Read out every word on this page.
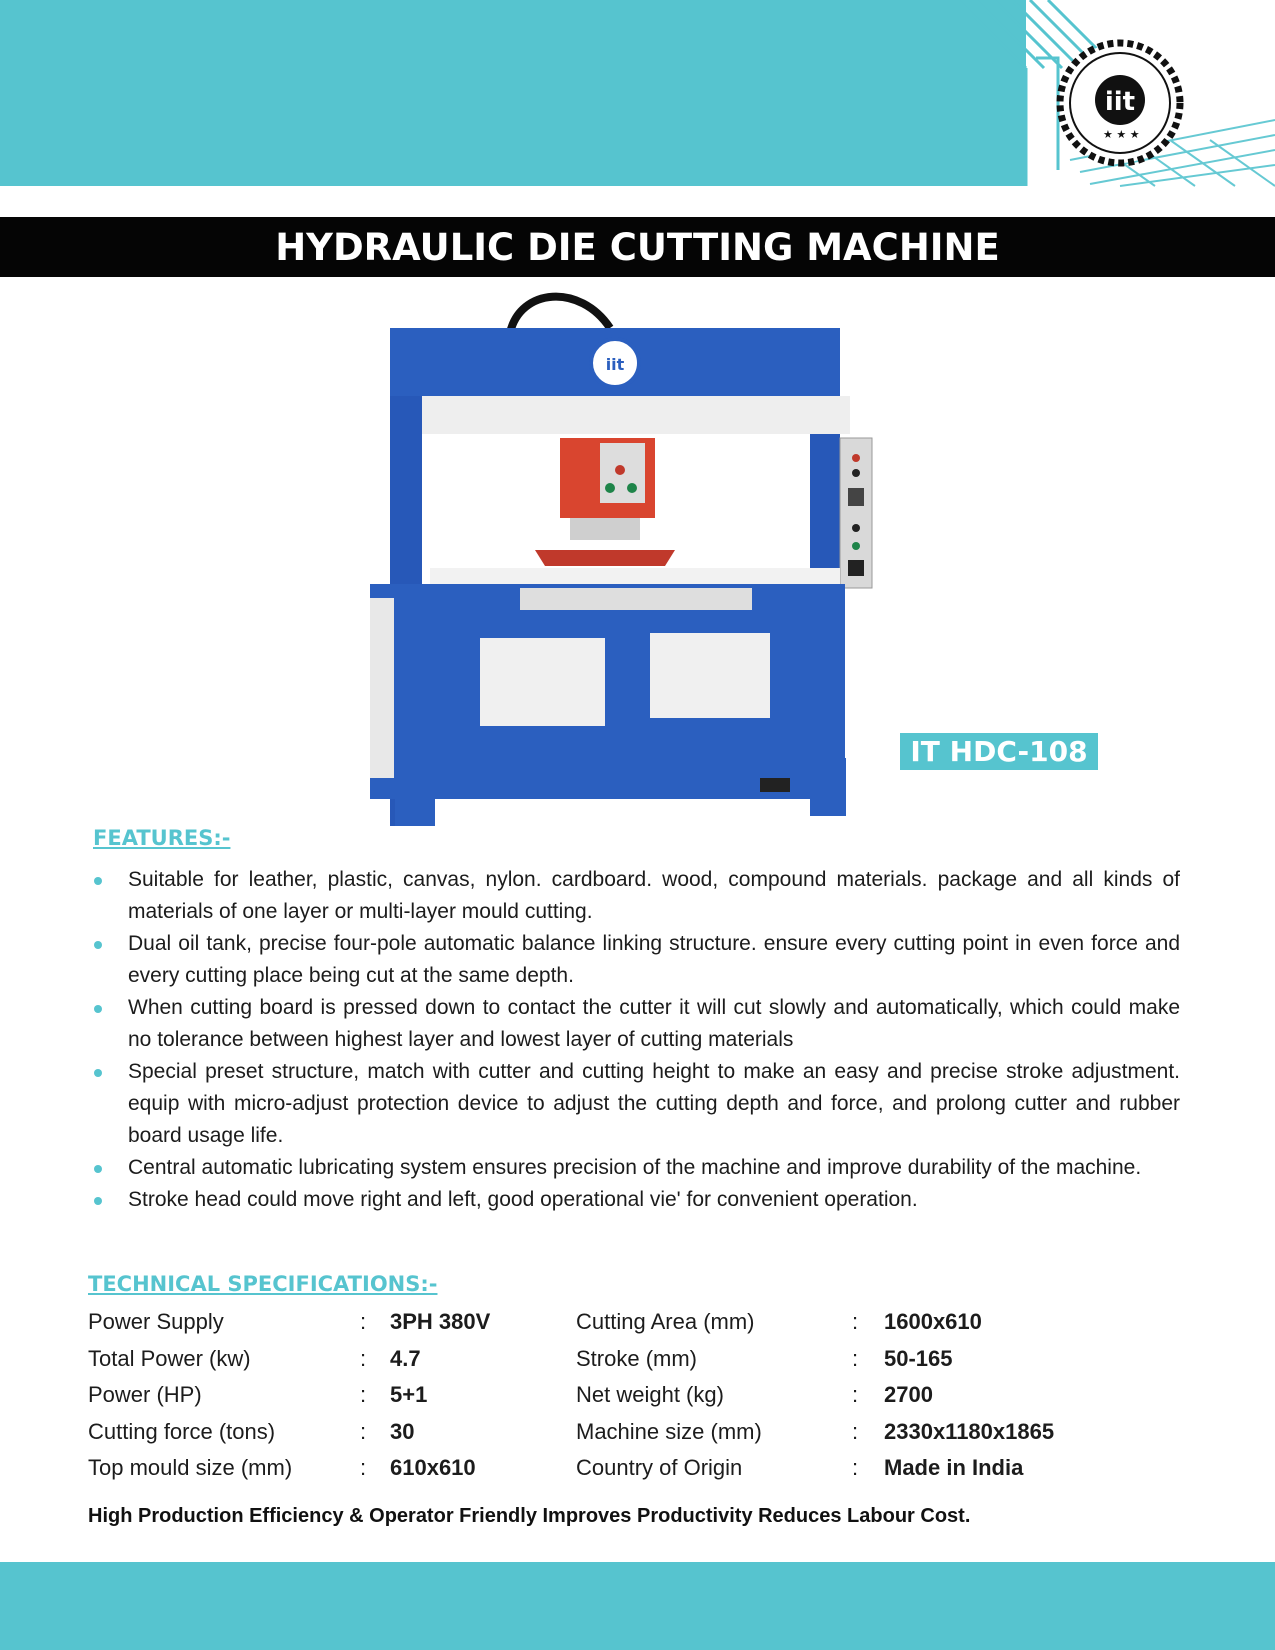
iit
★ ★ ★
HYDRAULIC DIE CUTTING MACHINE
iit
IT HDC-108
FEATURES:-
Suitable for leather, plastic, canvas, nylon. cardboard. wood, compound materials. package and all kinds of materials of one layer or multi-layer mould cutting.
Dual oil tank, precise four-pole automatic balance linking structure. ensure every cutting point in even force and every cutting place being cut at the same depth.
When cutting board is pressed down to contact the cutter it will cut slowly and automatically, which could make no tolerance between highest layer and lowest layer of cutting materials
Special preset structure, match with cutter and cutting height to make an easy and precise stroke adjustment. equip with micro-adjust protection device to adjust the cutting depth and force, and prolong cutter and rubber board usage life.
Central automatic lubricating system ensures precision of the machine and improve durability of the machine.
Stroke head could move right and left, good operational vie' for convenient operation.
TECHNICAL SPECIFICATIONS:-
Power Supply	:	3PH 380V	Cutting Area (mm)	:	1600x610
Total Power (kw)	:	4.7	Stroke (mm)	:	50-165
Power (HP)	:	5+1	Net weight (kg)	:	2700
Cutting force (tons)	:	30	Machine size (mm)	:	2330x1180x1865
Top mould size (mm)	:	610x610	Country of Origin	:	Made in India
High Production Efficiency & Operator Friendly Improves Productivity Reduces Labour Cost.
